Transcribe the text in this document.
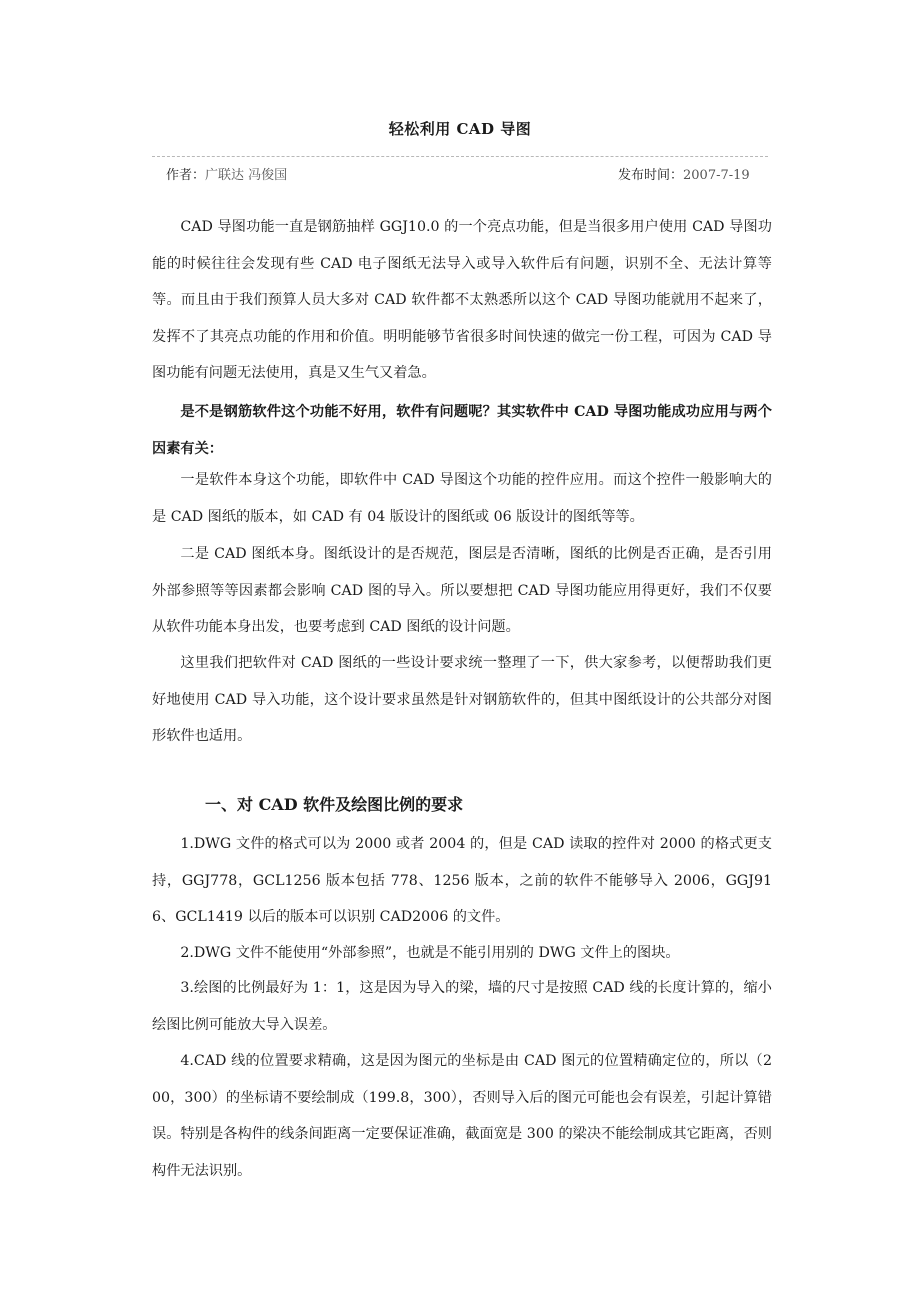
轻松利用 CAD 导图
作者：广联达 冯俊国	发布时间：2007-7-19

CAD 导图功能一直是钢筋抽样 GGJ10.0 的一个亮点功能，但是当很多用户使用 CAD 导图功能的时候往往会发现有些 CAD 电子图纸无法导入或导入软件后有问题，识别不全、无法计算等等。而且由于我们预算人员大多对 CAD 软件都不太熟悉所以这个 CAD 导图功能就用不起来了，发挥不了其亮点功能的作用和价值。明明能够节省很多时间快速的做完一份工程，可因为 CAD 导图功能有问题无法使用，真是又生气又着急。

是不是钢筋软件这个功能不好用，软件有问题呢？其实软件中 CAD 导图功能成功应用与两个因素有关：

一是软件本身这个功能，即软件中 CAD 导图这个功能的控件应用。而这个控件一般影响大的是 CAD 图纸的版本，如 CAD 有 04 版设计的图纸或 06 版设计的图纸等等。

二是 CAD 图纸本身。图纸设计的是否规范，图层是否清晰，图纸的比例是否正确，是否引用外部参照等等因素都会影响 CAD 图的导入。所以要想把 CAD 导图功能应用得更好，我们不仅要从软件功能本身出发，也要考虑到 CAD 图纸的设计问题。

这里我们把软件对 CAD 图纸的一些设计要求统一整理了一下，供大家参考，以便帮助我们更好地使用 CAD 导入功能，这个设计要求虽然是针对钢筋软件的，但其中图纸设计的公共部分对图形软件也适用。

一、对 CAD 软件及绘图比例的要求

1.DWG 文件的格式可以为 2000 或者 2004 的，但是 CAD 读取的控件对 2000 的格式更支持，GGJ778，GCL1256 版本包括 778、1256 版本，之前的软件不能够导入 2006，GGJ916、GCL1419 以后的版本可以识别 CAD2006 的文件。

2.DWG 文件不能使用“外部参照”，也就是不能引用别的 DWG 文件上的图块。

3.绘图的比例最好为 1：1，这是因为导入的梁，墙的尺寸是按照 CAD 线的长度计算的，缩小绘图比例可能放大导入误差。

4.CAD 线的位置要求精确，这是因为图元的坐标是由 CAD 图元的位置精确定位的，所以（200，300）的坐标请不要绘制成（199.8，300），否则导入后的图元可能也会有误差，引起计算错误。特别是各构件的线条间距离一定要保证准确，截面宽是 300 的梁决不能绘制成其它距离，否则构件无法识别。
